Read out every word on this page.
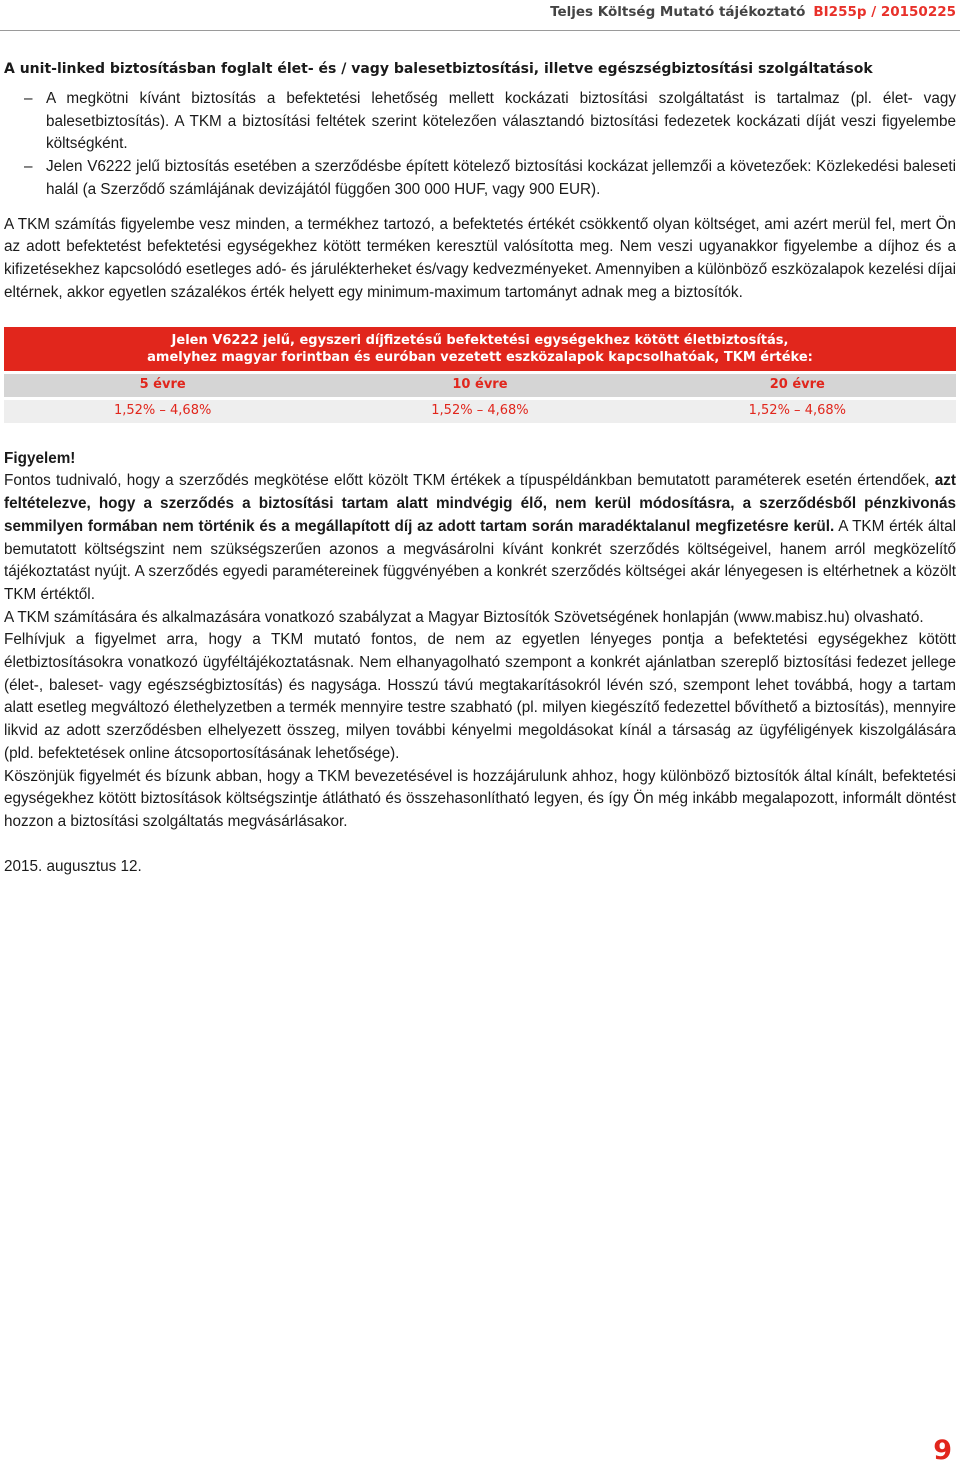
Teljes Költség Mutató tájékoztató BI255p / 20150225
A unit-linked biztosításban foglalt élet- és / vagy balesetbiztosítási, illetve egészségbiztosítási szolgáltatások
– A megkötni kívánt biztosítás a befektetési lehetőség mellett kockázati biztosítási szolgáltatást is tartalmaz (pl. élet- vagy balesetbiztosítás). A TKM a biztosítási feltétek szerint kötelezően választandó biztosítási fedezetek kockázati díját veszi figyelembe költségként.
– Jelen V6222 jelű biztosítás esetében a szerződésbe épített kötelező biztosítási kockázat jellemzői a követezőek: Közlekedési baleseti halál (a Szerződő számlájának devizájától függően 300 000 HUF, vagy 900 EUR).

A TKM számítás figyelembe vesz minden, a termékhez tartozó, a befektetés értékét csökkentő olyan költséget, ami azért merül fel, mert Ön az adott befektetést befektetési egységekhez kötött terméken keresztül valósította meg. Nem veszi ugyanakkor figyelembe a díjhoz és a kifizetésekhez kapcsolódó esetleges adó- és járulékterheket és/vagy kedvezményeket. Amennyiben a különböző eszközalapok kezelési díjai eltérnek, akkor egyetlen százalékos érték helyett egy minimum-maximum tartományt adnak meg a biztosítók.

Jelen V6222 jelű, egyszeri díjfizetésű befektetési egységekhez kötött életbiztosítás,
amelyhez magyar forintban és euróban vezetett eszközalapok kapcsolhatóak, TKM értéke:		

5 évre	10 évre	20 évre
1,52% – 4,68%	1,52% – 4,68%	1,52% – 4,68%

Figyelem!

Fontos tudnivaló, hogy a szerződés megkötése előtt közölt TKM értékek a típuspéldánkban bemutatott paraméterek esetén értendőek, azt feltételezve, hogy a szerződés a biztosítási tartam alatt mindvégig élő, nem kerül módosításra, a szerződésből pénzkivonás semmilyen formában nem történik és a megállapított díj az adott tartam során maradéktalanul megfizetésre kerül. A TKM érték által bemutatott költségszint nem szükségszerűen azonos a megvásárolni kívánt konkrét szerződés költségeivel, hanem arról megközelítő tájékoztatást nyújt. A szerződés egyedi paramétereinek függvényében a konkrét szerződés költségei akár lényegesen is eltérhetnek a közölt TKM értéktől.

A TKM számítására és alkalmazására vonatkozó szabályzat a Magyar Biztosítók Szövetségének honlapján (www.mabisz.hu) olvasható.

Felhívjuk a figyelmet arra, hogy a TKM mutató fontos, de nem az egyetlen lényeges pontja a befektetési egységekhez kötött életbiztosításokra vonatkozó ügyféltájékoztatásnak. Nem elhanyagolható szempont a konkrét ajánlatban szereplő biztosítási fedezet jellege (élet-, baleset- vagy egészségbiztosítás) és nagysága. Hosszú távú megtakarításokról lévén szó, szempont lehet továbbá, hogy a tartam alatt esetleg megváltozó élethelyzetben a termék mennyire testre szabható (pl. milyen kiegészítő fedezettel bővíthető a biztosítás), mennyire likvid az adott szerződésben elhelyezett összeg, milyen további kényelmi megoldásokat kínál a társaság az ügyféligények kiszolgálására (pld. befektetések online átcsoportosításának lehetősége).

Köszönjük figyelmét és bízunk abban, hogy a TKM bevezetésével is hozzájárulunk ahhoz, hogy különböző biztosítók által kínált, befektetési egységekhez kötött biztosítások költségszintje átlátható és összehasonlítható legyen, és így Ön még inkább megalapozott, informált döntést hozzon a biztosítási szolgáltatás megvásárlásakor.

2015. augusztus 12.

9
